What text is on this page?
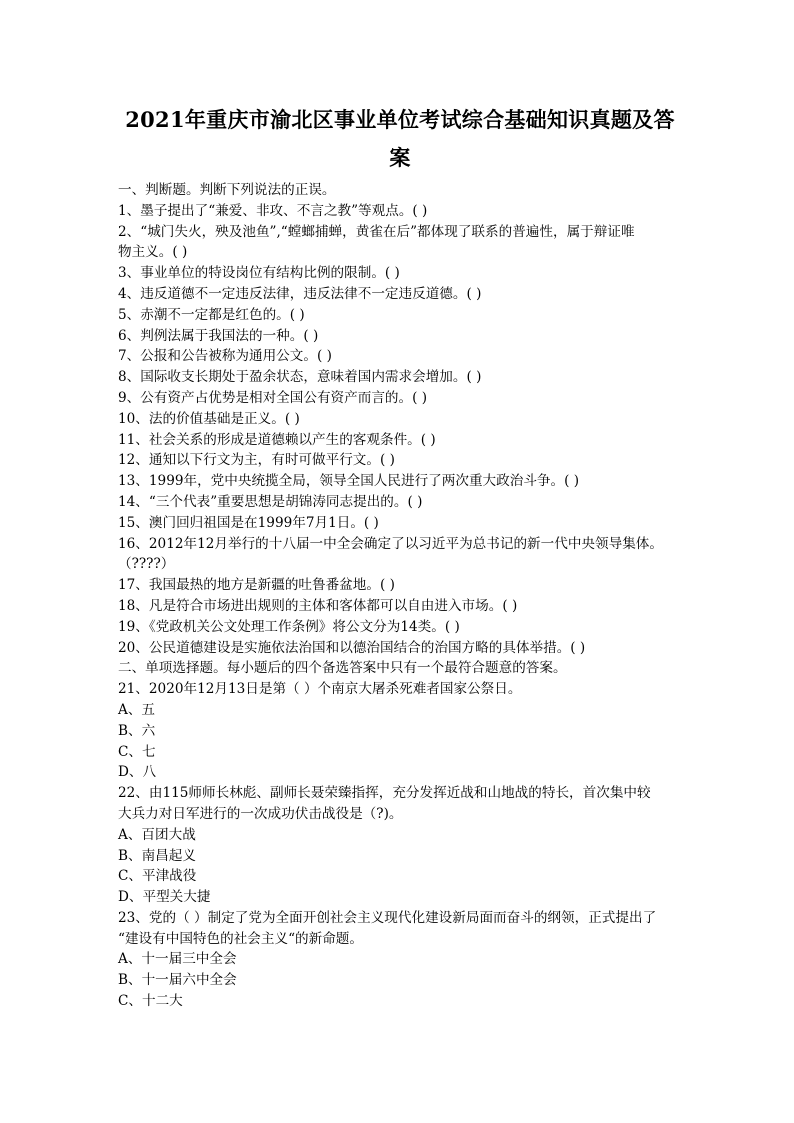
2021年重庆市渝北区事业单位考试综合基础知识真题及答
案
一、判断题。判断下列说法的正误。
1、墨子提出了“兼爱、非攻、不言之教”等观点。( )
2、“城门失火，殃及池鱼”,“螳螂捕蝉，黄雀在后”都体现了联系的普遍性，属于辩证唯
物主义。( )
3、事业单位的特设岗位有结构比例的限制。( )
4、违反道德不一定违反法律，违反法律不一定违反道德。( )
5、赤潮不一定都是红色的。( )
6、判例法属于我国法的一种。( )
7、公报和公告被称为通用公文。( )
8、国际收支长期处于盈余状态，意味着国内需求会增加。( )
9、公有资产占优势是相对全国公有资产而言的。( )
10、法的价值基础是正义。( )
11、社会关系的形成是道德赖以产生的客观条件。( )
12、通知以下行文为主，有时可做平行文。( )
13、1999年，党中央统揽全局，领导全国人民进行了两次重大政治斗争。( )
14、“三个代表”重要思想是胡锦涛同志提出的。( )
15、澳门回归祖国是在1999年7月1日。( )
16、2012年12月举行的十八届一中全会确定了以习近平为总书记的新一代中央领导集体。
（????）
17、我国最热的地方是新疆的吐鲁番盆地。( )
18、凡是符合市场进出规则的主体和客体都可以自由进入市场。( )
19、《党政机关公文处理工作条例》将公文分为14类。( )
20、公民道德建设是实施依法治国和以德治国结合的治国方略的具体举措。( )
二、单项选择题。每小题后的四个备选答案中只有一个最符合题意的答案。
21、2020年12月13日是第（ ）个南京大屠杀死难者国家公祭日。
A、五
B、六
C、七
D、八
22、由115师师长林彪、副师长聂荣臻指挥，充分发挥近战和山地战的特长，首次集中较
大兵力对日军进行的一次成功伏击战役是（?)。
A、百团大战
B、南昌起义
C、平津战役
D、平型关大捷
23、党的（ ）制定了党为全面开创社会主义现代化建设新局面而奋斗的纲领，正式提出了
“建设有中国特色的社会主义“的新命题。
A、十一届三中全会
B、十一届六中全会
C、十二大
